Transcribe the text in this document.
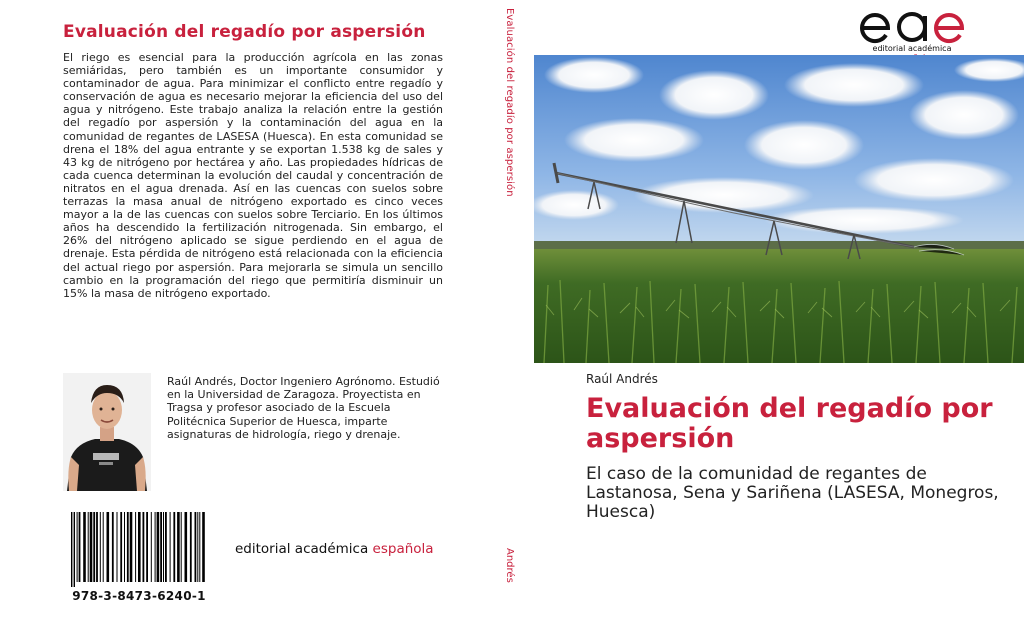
Evaluación del regadío por aspersión

El riego es esencial para la producción agrícola en las zonas semiáridas, pero también es un importante consumidor y contaminador de agua. Para minimizar el conflicto entre regadío y conservación de agua es necesario mejorar la eficiencia del uso del agua y nitrógeno. Este trabajo analiza la relación entre la gestión del regadío por aspersión y la contaminación del agua en la comunidad de regantes de LASESA (Huesca). En esta comunidad se drena el 18% del agua entrante y se exportan 1.538 kg de sales y 43 kg de nitrógeno por hectárea y año. Las propiedades hídricas de cada cuenca determinan la evolución del caudal y concentración de nitratos en el agua drenada. Así en las cuencas con suelos sobre terrazas la masa anual de nitrógeno exportado es cinco veces mayor a la de las cuencas con suelos sobre Terciario. En los últimos años ha descendido la fertilización nitrogenada. Sin embargo, el 26% del nitrógeno aplicado se sigue perdiendo en el agua de drenaje. Esta pérdida de nitrógeno está relacionada con la eficiencia del actual riego por aspersión. Para mejorarla se simula un sencillo cambio en la programación del riego que permitiría disminuir un 15% la masa de nitrógeno exportado.

Raúl Andrés, Doctor Ingeniero Agrónomo. Estudió en la Universidad de Zaragoza. Proyectista en Tragsa y profesor asociado de la Escuela Politécnica Superior de Huesca, imparte asignaturas de hidrología, riego y drenaje.

978-3-8473-6240-1
editorial académica española
Evaluación del regadío por aspersión
Andrés
editorial académica
Raúl Andrés
Evaluación del regadío por aspersión

El caso de la comunidad de regantes de Lastanosa, Sena y Sariñena (LASESA, Monegros, Huesca)
